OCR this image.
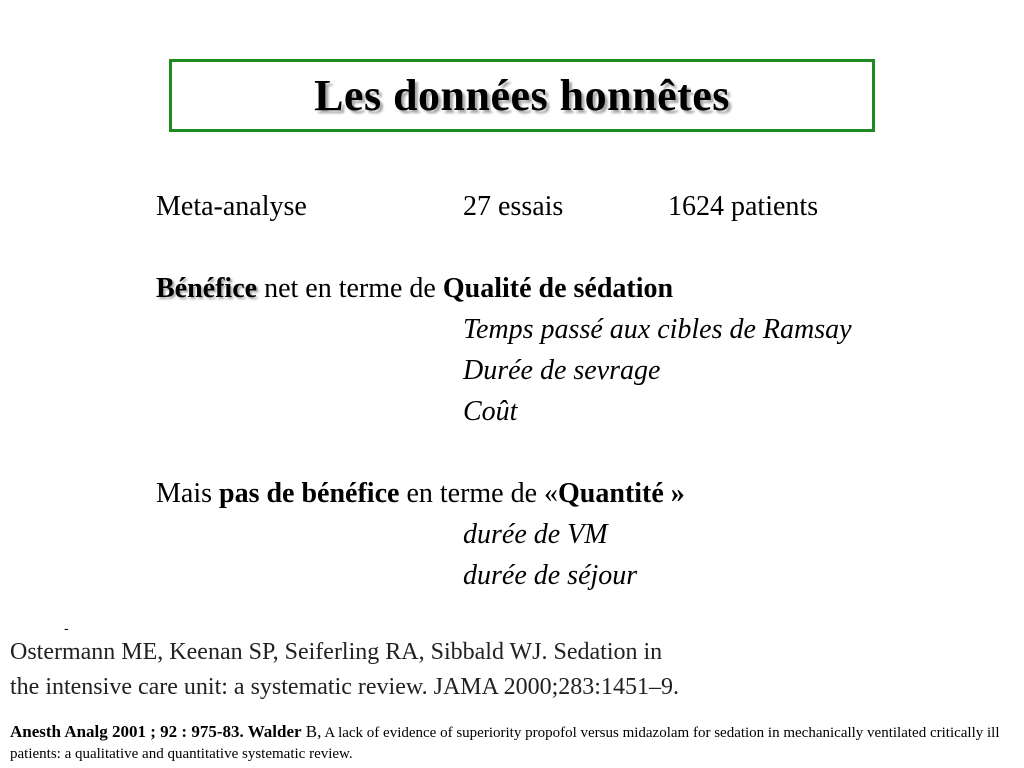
Les données honnêtes
Meta-analyse	27 essais	1624 patients
Bénéfice net en terme de Qualité de sédation
Temps passé aux cibles de Ramsay
Durée de sevrage
Coût
Mais pas de bénéfice en terme de «Quantité »
durée de VM
durée de séjour
-
Ostermann ME, Keenan SP, Seiferling RA, Sibbald WJ. Sedation in
the intensive care unit: a systematic review. JAMA 2000;283:1451–9.
Anesth Analg 2001 ; 92 : 975-83. Walder B, A lack of evidence of superiority propofol versus midazolam for sedation in mechanically ventilated critically ill patients: a qualitative and quantitative systematic review.
